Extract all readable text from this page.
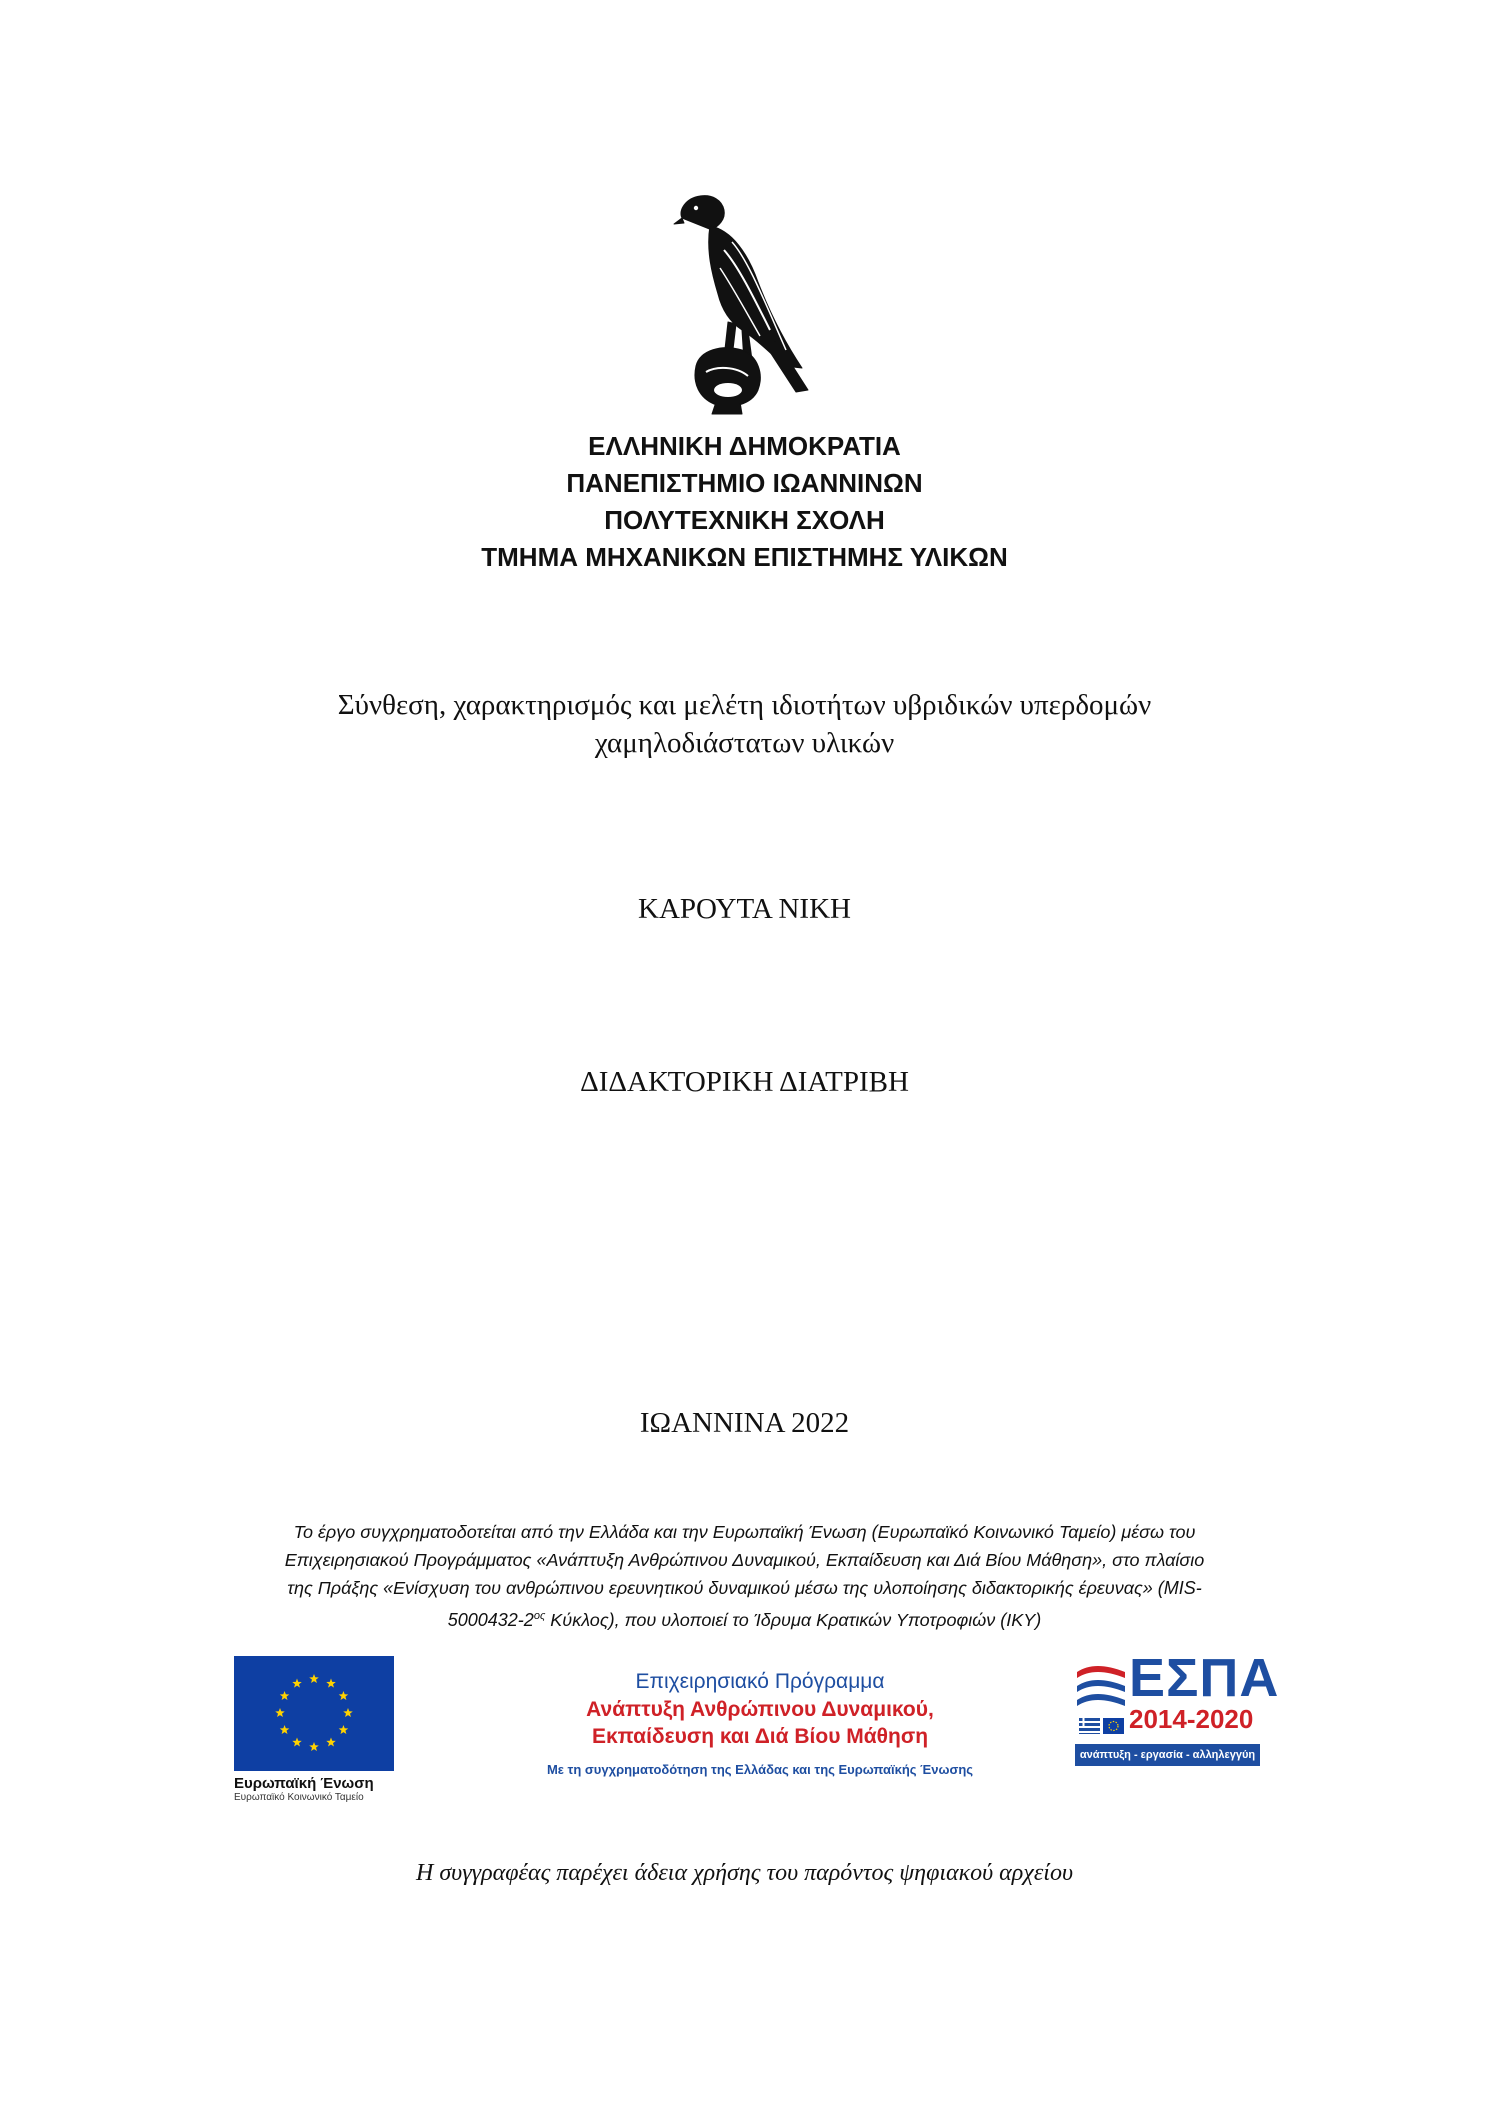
ΕΛΛΗΝΙΚΗ ΔΗΜΟΚΡΑΤΙΑ
ΠΑΝΕΠΙΣΤΗΜΙΟ ΙΩΑΝΝΙΝΩΝ
ΠΟΛΥΤΕΧΝΙΚΗ ΣΧΟΛΗ
ΤΜΗΜΑ ΜΗΧΑΝΙΚΩΝ ΕΠΙΣΤΗΜΗΣ ΥΛΙΚΩΝ
Σύνθεση, χαρακτηρισμός και μελέτη ιδιοτήτων υβριδικών υπερδομών
χαμηλοδιάστατων υλικών
ΚΑΡΟΥΤΑ ΝΙΚΗ
ΔΙΔΑΚΤΟΡΙΚΗ ΔΙΑΤΡΙΒΗ
ΙΩΑΝΝΙΝΑ 2022
Το έργο συγχρηματοδοτείται από την Ελλάδα και την Ευρωπαϊκή Ένωση (Ευρωπαϊκό Κοινωνικό Ταμείο) μέσω του
Επιχειρησιακού Προγράμματος «Ανάπτυξη Ανθρώπινου Δυναμικού, Εκπαίδευση και Διά Βίου Μάθηση», στο πλαίσιο
της Πράξης «Ενίσχυση του ανθρώπινου ερευνητικού δυναμικού μέσω της υλοποίησης διδακτορικής έρευνας» (MIS-
$5000432-2^{o\varsigma}$ Κύκλος), που υλοποιεί το Ίδρυμα Κρατικών Υποτροφιών (ΙΚΥ)
Ευρωπαϊκή Ένωση
Ευρωπαϊκό Κοινωνικό Ταμείο
Επιχειρησιακό Πρόγραμμα
Ανάπτυξη Ανθρώπινου Δυναμικού,
Εκπαίδευση και Διά Βίου Μάθηση
Με τη συγχρηματοδότηση της Ελλάδας και της Ευρωπαϊκής Ένωσης
ΕΣΠΑ
2014-2020
ανάπτυξη - εργασία - αλληλεγγύη
Η συγγραφέας παρέχει άδεια χρήσης του παρόντος ψηφιακού αρχείου
